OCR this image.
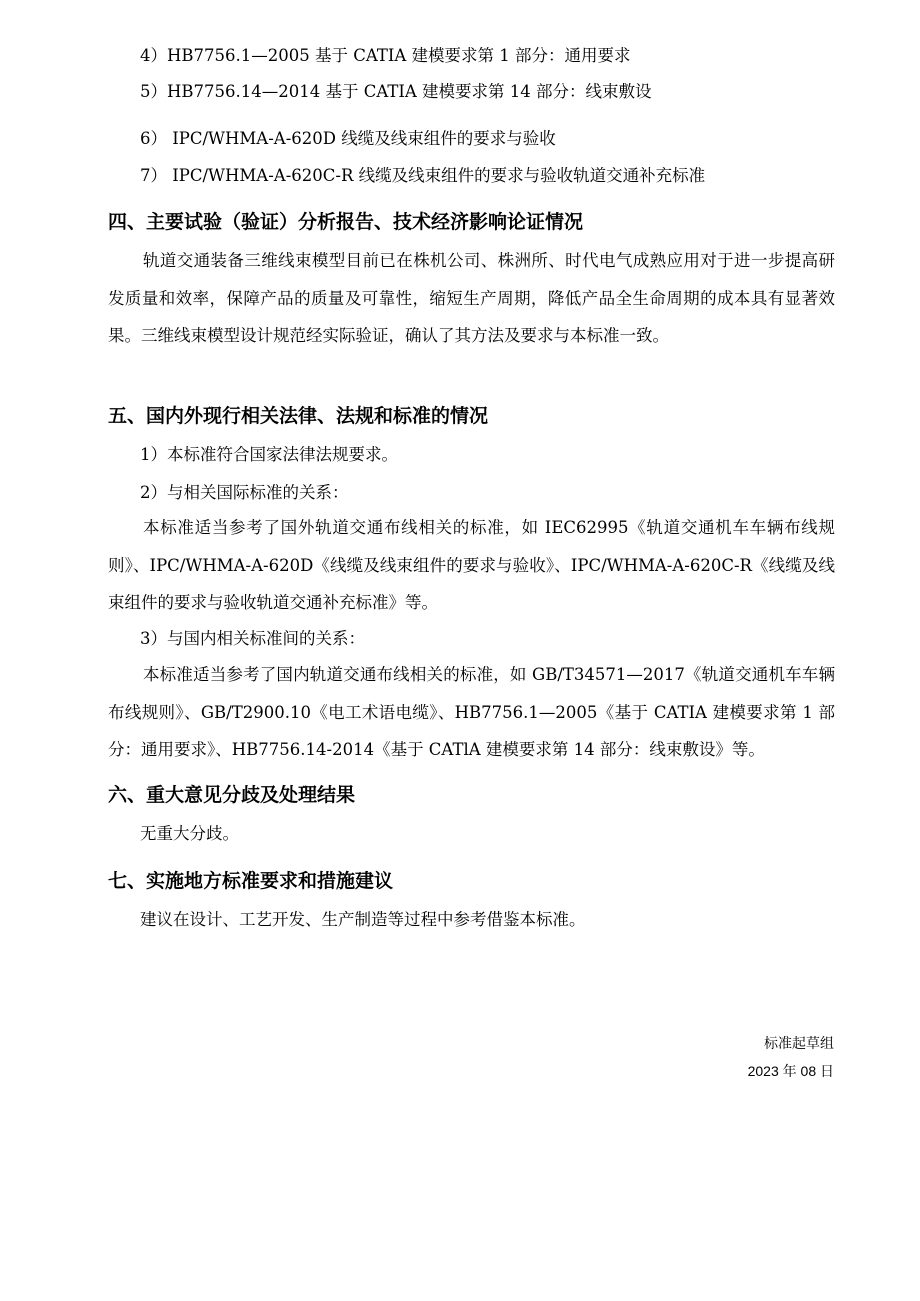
4）HB7756.1—2005 基于 CATIA 建模要求第 1 部分：通用要求
5）HB7756.14—2014 基于 CATIA 建模要求第 14 部分：线束敷设
6） IPC/WHMA-A-620D 线缆及线束组件的要求与验收
7） IPC/WHMA-A-620C-R 线缆及线束组件的要求与验收轨道交通补充标准
四、主要试验（验证）分析报告、技术经济影响论证情况
轨道交通装备三维线束模型目前已在株机公司、株洲所、时代电气成熟应用对于进一步提高研发质量和效率，保障产品的质量及可靠性，缩短生产周期，降低产品全生命周期的成本具有显著效果。三维线束模型设计规范经实际验证，确认了其方法及要求与本标准一致。
五、国内外现行相关法律、法规和标准的情况
1）本标准符合国家法律法规要求。
2）与相关国际标准的关系：
本标准适当参考了国外轨道交通布线相关的标准，如 IEC62995《轨道交通机车车辆布线规则》、IPC/WHMA-A-620D《线缆及线束组件的要求与验收》、IPC/WHMA-A-620C-R《线缆及线束组件的要求与验收轨道交通补充标准》等。
3）与国内相关标准间的关系：
本标准适当参考了国内轨道交通布线相关的标准，如 GB/T34571—2017《轨道交通机车车辆布线规则》、GB/T2900.10《电工术语电缆》、HB7756.1—2005《基于 CATIA 建模要求第 1 部分：通用要求》、HB7756.14-2014《基于 CATlA 建模要求第 14 部分：线束敷设》等。
六、重大意见分歧及处理结果
无重大分歧。
七、实施地方标准要求和措施建议
建议在设计、工艺开发、生产制造等过程中参考借鉴本标准。
标准起草组
2023 年 08 日
